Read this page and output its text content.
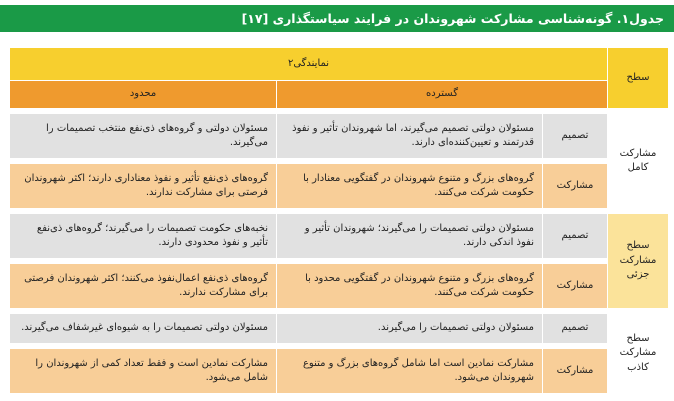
جدول۱. گونه‌شناسی مشارکت شهروندان در فرایند سیاستگذاری [۱۷]
سطح	نمایندگی۲		
	گسترده		محدود

مشارکت کامل	تصمیم	مسئولان دولتی تصمیم می‌گیرند، اما شهروندان تأثیر و نفوذ قدرتمند و تعیین‌کننده‌ای دارند.	مسئولان دولتی و گروه‌های ذی‌نفع منتخب تصمیمات را می‌گیرند.

	مشارکت	گروه‌های بزرگ و متنوع شهروندان در گفتگویی معنادار با حکومت شرکت می‌کنند.	گروه‌های ذی‌نفع تأثیر و نفوذ معناداری دارند؛ اکثر شهروندان فرصتی برای مشارکت ندارند.

سطح مشارکت جزئی	تصمیم	مسئولان دولتی تصمیمات را می‌گیرند؛ شهروندان تأثیر و نفوذ اندکی دارند.	نخبه‌های حکومت تصمیمات را می‌گیرند؛ گروه‌های ذی‌نفع تأثیر و نفوذ محدودی دارند.

	مشارکت	گروه‌های بزرگ و متنوع شهروندان در گفتگویی محدود با حکومت شرکت می‌کنند.	گروه‌های ذی‌نفع اعمال‌نفوذ می‌کنند؛ اکثر شهروندان فرصتی برای مشارکت ندارند.

سطح مشارکت کاذب	تصمیم	مسئولان دولتی تصمیمات را می‌گیرند.	مسئولان دولتی تصمیمات را به شیوه‌ای غیرشفاف می‌گیرند.

	مشارکت	مشارکت نمادین است اما شامل گروه‌های بزرگ و متنوع شهروندان می‌شود.	مشارکت نمادین است و فقط تعداد کمی از شهروندان را شامل می‌شود.
